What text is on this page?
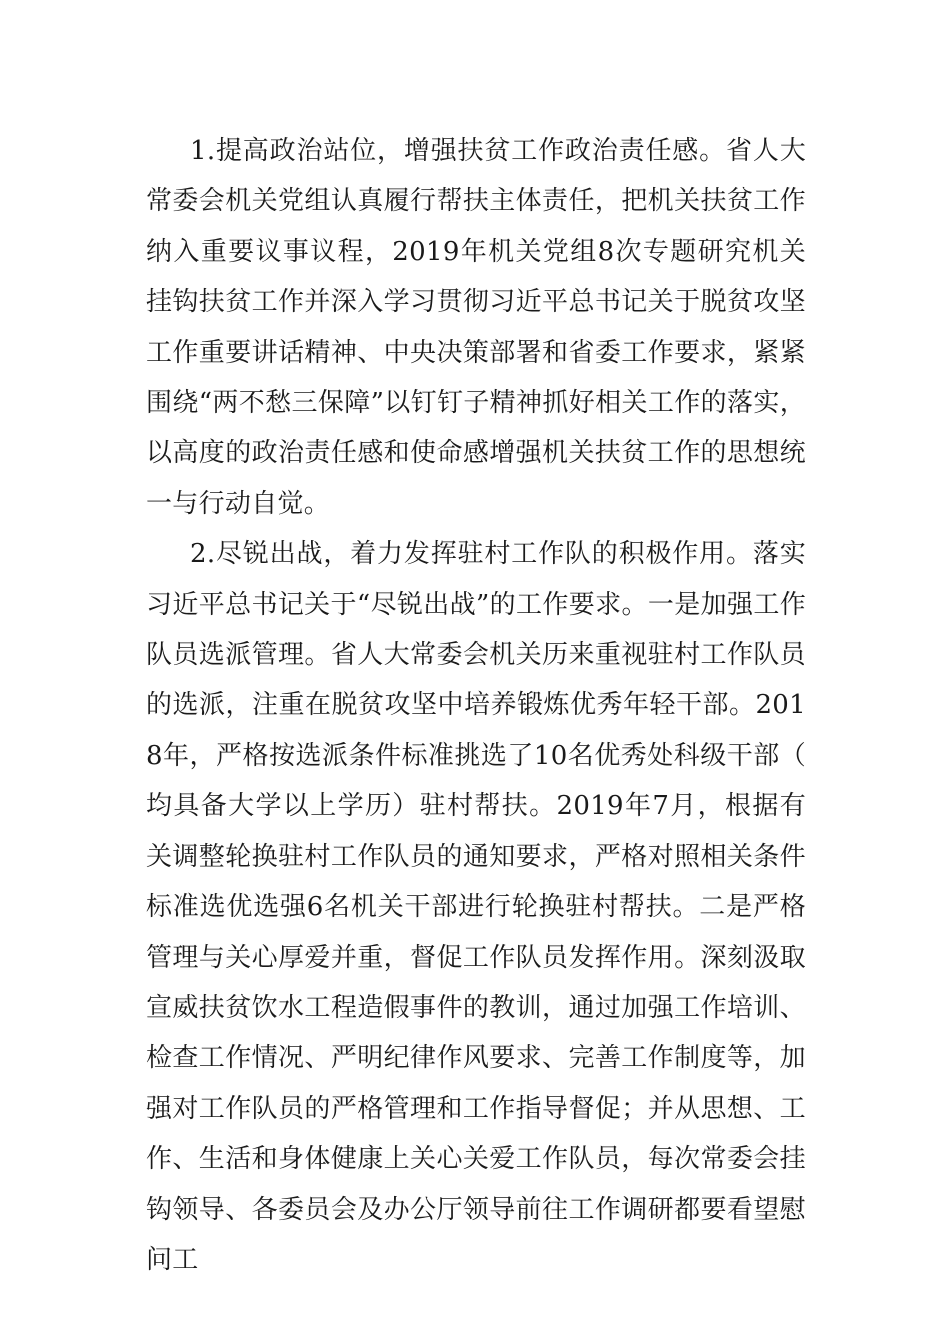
1.提高政治站位，增强扶贫工作政治责任感。省人大常委会机关党组认真履行帮扶主体责任，把机关扶贫工作纳入重要议事议程，2019年机关党组8次专题研究机关挂钩扶贫工作并深入学习贯彻习近平总书记关于脱贫攻坚工作重要讲话精神、中央决策部署和省委工作要求，紧紧围绕“两不愁三保障”以钉钉子精神抓好相关工作的落实，以高度的政治责任感和使命感增强机关扶贫工作的思想统一与行动自觉。

2.尽锐出战，着力发挥驻村工作队的积极作用。落实习近平总书记关于“尽锐出战”的工作要求。一是加强工作队员选派管理。省人大常委会机关历来重视驻村工作队员的选派，注重在脱贫攻坚中培养锻炼优秀年轻干部。2018年，严格按选派条件标准挑选了10名优秀处科级干部（均具备大学以上学历）驻村帮扶。2019年7月，根据有关调整轮换驻村工作队员的通知要求，严格对照相关条件标准选优选强6名机关干部进行轮换驻村帮扶。二是严格管理与关心厚爱并重，督促工作队员发挥作用。深刻汲取宣威扶贫饮水工程造假事件的教训，通过加强工作培训、检查工作情况、严明纪律作风要求、完善工作制度等，加强对工作队员的严格管理和工作指导督促；并从思想、工作、生活和身体健康上关心关爱工作队员，每次常委会挂钩领导、各委员会及办公厅领导前往工作调研都要看望慰问工
